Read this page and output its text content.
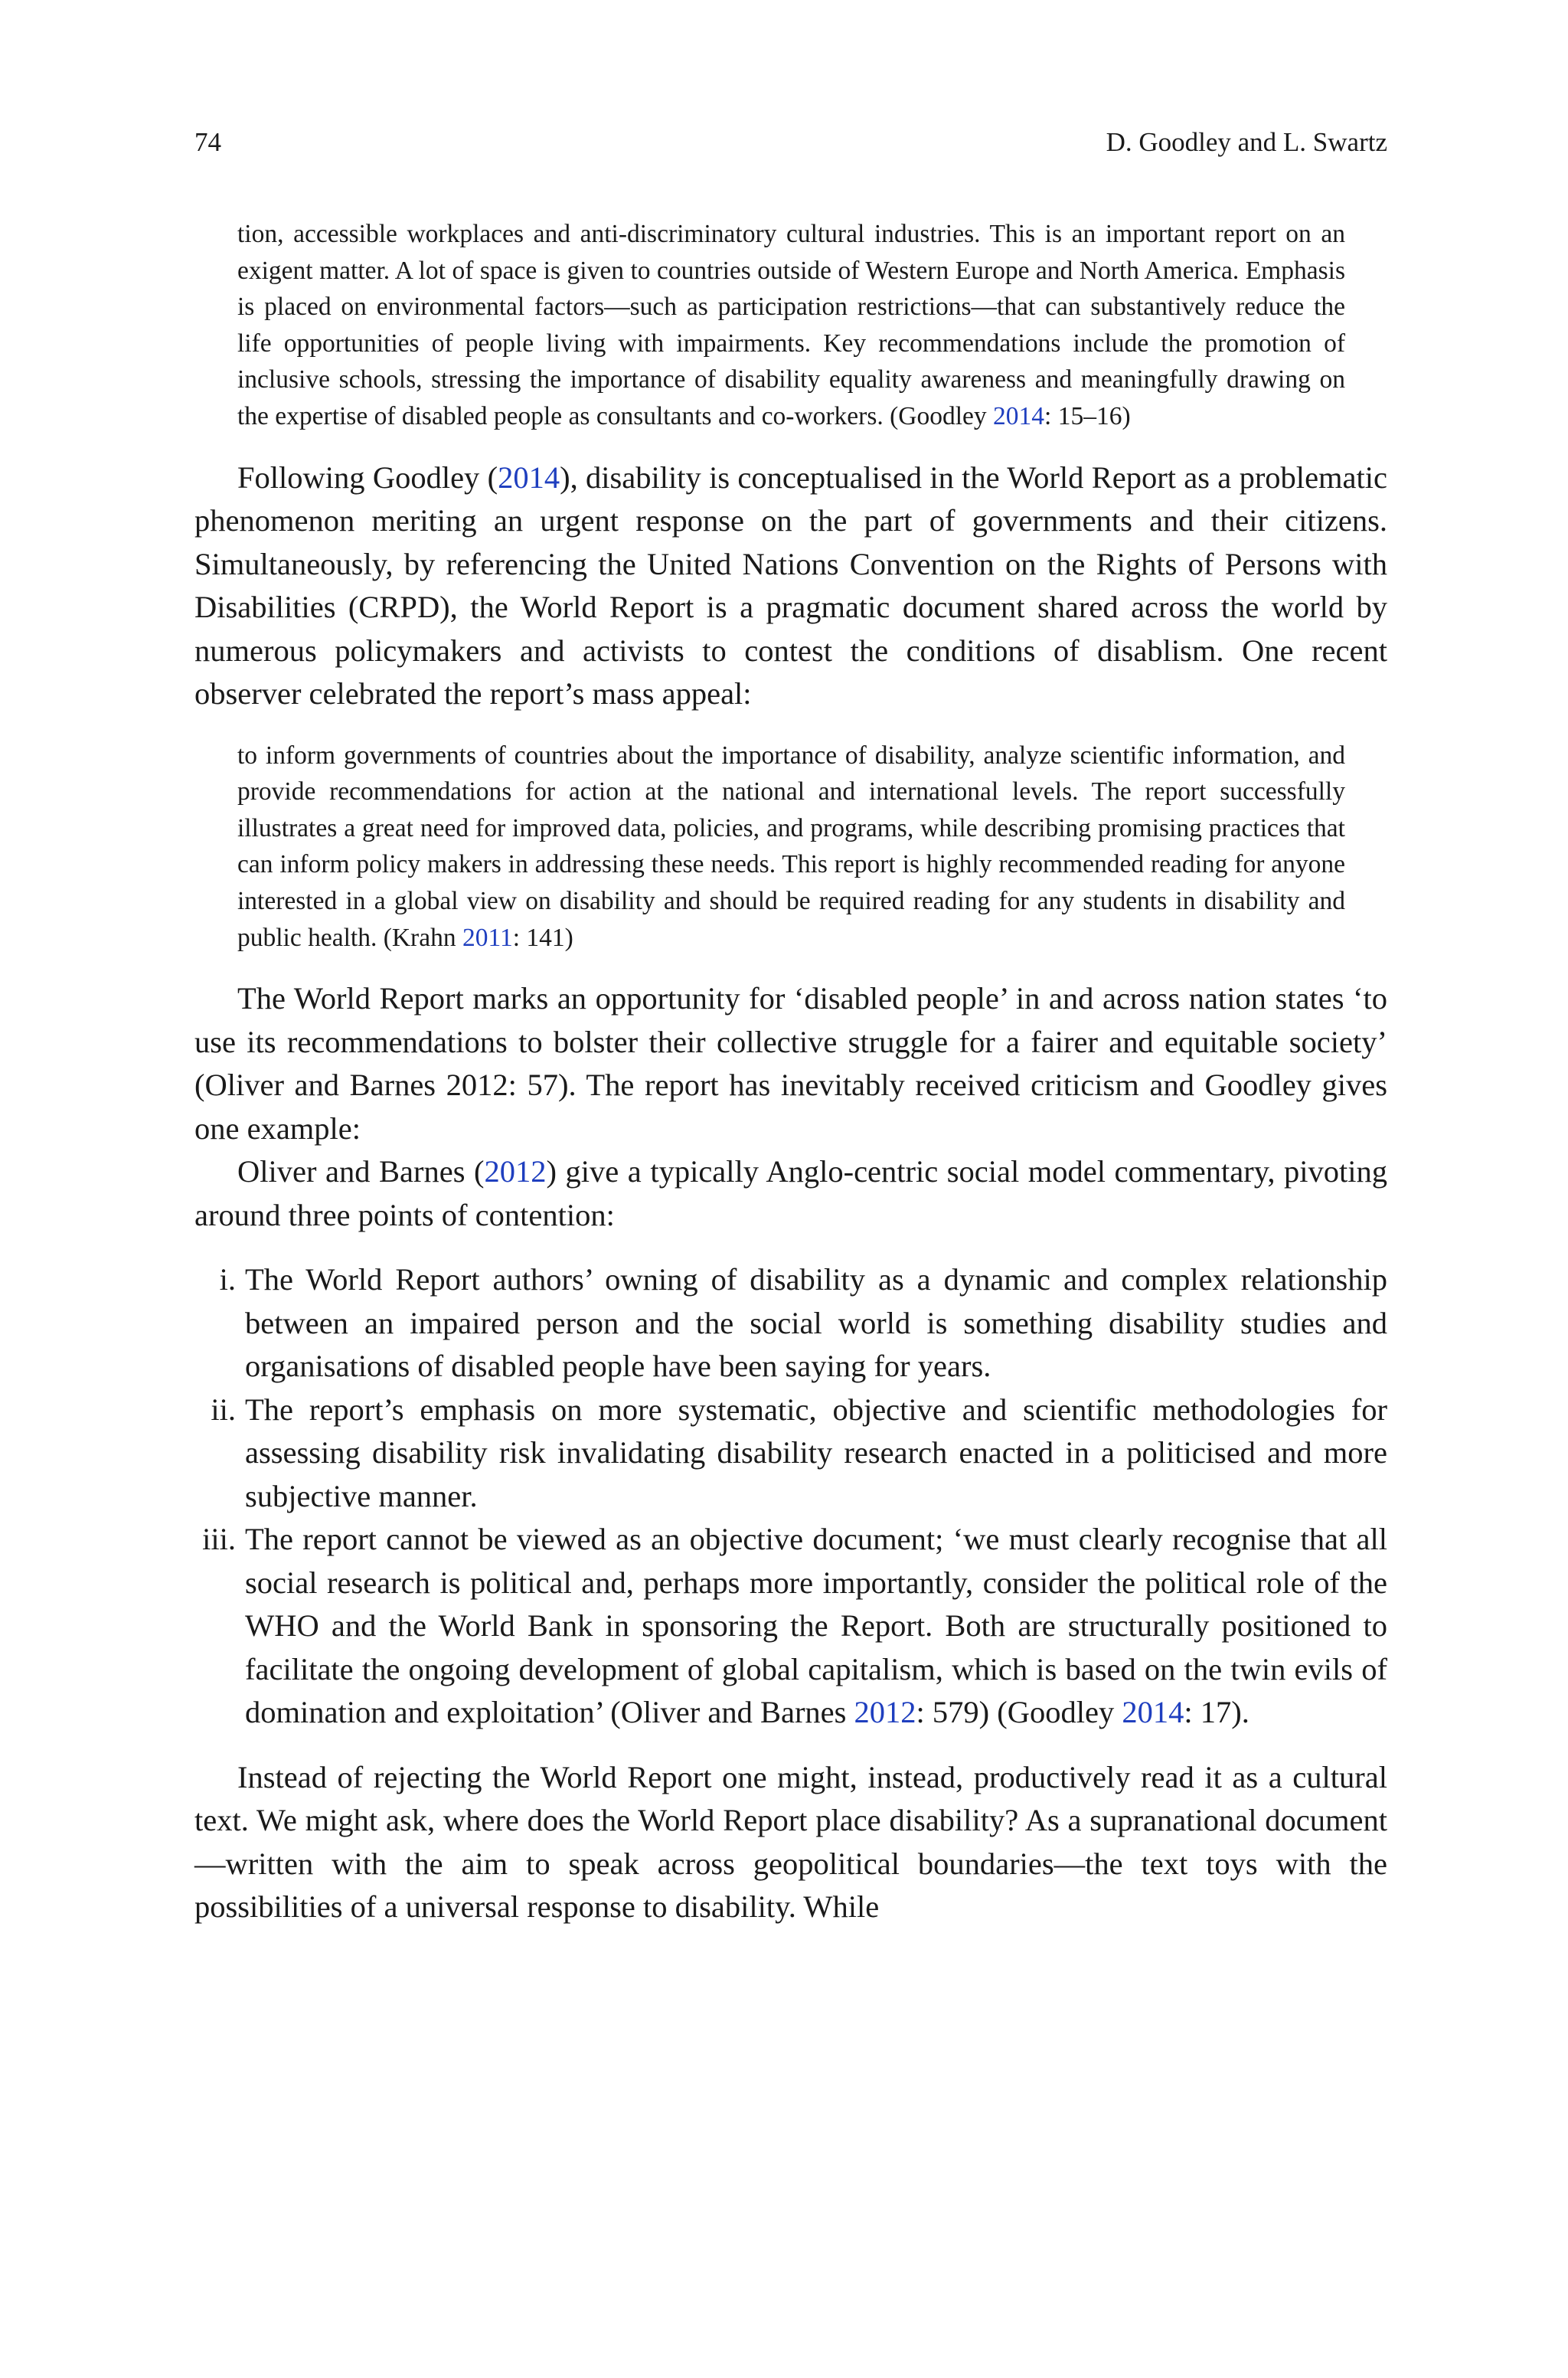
74	D. Goodley and L. Swartz

tion, accessible workplaces and anti-discriminatory cultural industries. This is an important report on an exigent matter. A lot of space is given to countries outside of Western Europe and North America. Emphasis is placed on environmental factors—such as participation restrictions—that can substantively reduce the life opportunities of people living with impairments. Key recommendations include the promotion of inclusive schools, stressing the importance of disability equality awareness and meaningfully drawing on the expertise of disabled people as consultants and co-workers. (Goodley 2014: 15–16)

Following Goodley (2014), disability is conceptualised in the World Report as a problematic phenomenon meriting an urgent response on the part of governments and their citizens. Simultaneously, by referencing the United Nations Convention on the Rights of Persons with Disabilities (CRPD), the World Report is a pragmatic document shared across the world by numerous policymakers and activists to contest the conditions of disablism. One recent observer celebrated the report’s mass appeal:

to inform governments of countries about the importance of disability, analyze scientific information, and provide recommendations for action at the national and international levels. The report successfully illustrates a great need for improved data, policies, and programs, while describing promising practices that can inform policy makers in addressing these needs. This report is highly recommended reading for anyone interested in a global view on disability and should be required reading for any students in disability and public health. (Krahn 2011: 141)

The World Report marks an opportunity for ‘disabled people’ in and across nation states ‘to use its recommendations to bolster their collective struggle for a fairer and equitable society’ (Oliver and Barnes 2012: 57). The report has inevitably received criticism and Goodley gives one example:

Oliver and Barnes (2012) give a typically Anglo-centric social model commentary, pivoting around three points of contention:

i. The World Report authors’ owning of disability as a dynamic and complex relationship between an impaired person and the social world is something disability studies and organisations of disabled people have been saying for years.
ii. The report’s emphasis on more systematic, objective and scientific methodologies for assessing disability risk invalidating disability research enacted in a politicised and more subjective manner.
iii. The report cannot be viewed as an objective document; ‘we must clearly recognise that all social research is political and, perhaps more importantly, consider the political role of the WHO and the World Bank in sponsoring the Report. Both are structurally positioned to facilitate the ongoing development of global capitalism, which is based on the twin evils of domination and exploitation’ (Oliver and Barnes 2012: 579) (Goodley 2014: 17).

Instead of rejecting the World Report one might, instead, productively read it as a cultural text. We might ask, where does the World Report place disability? As a supranational document—written with the aim to speak across geopolitical boundaries—the text toys with the possibilities of a universal response to disability. While
